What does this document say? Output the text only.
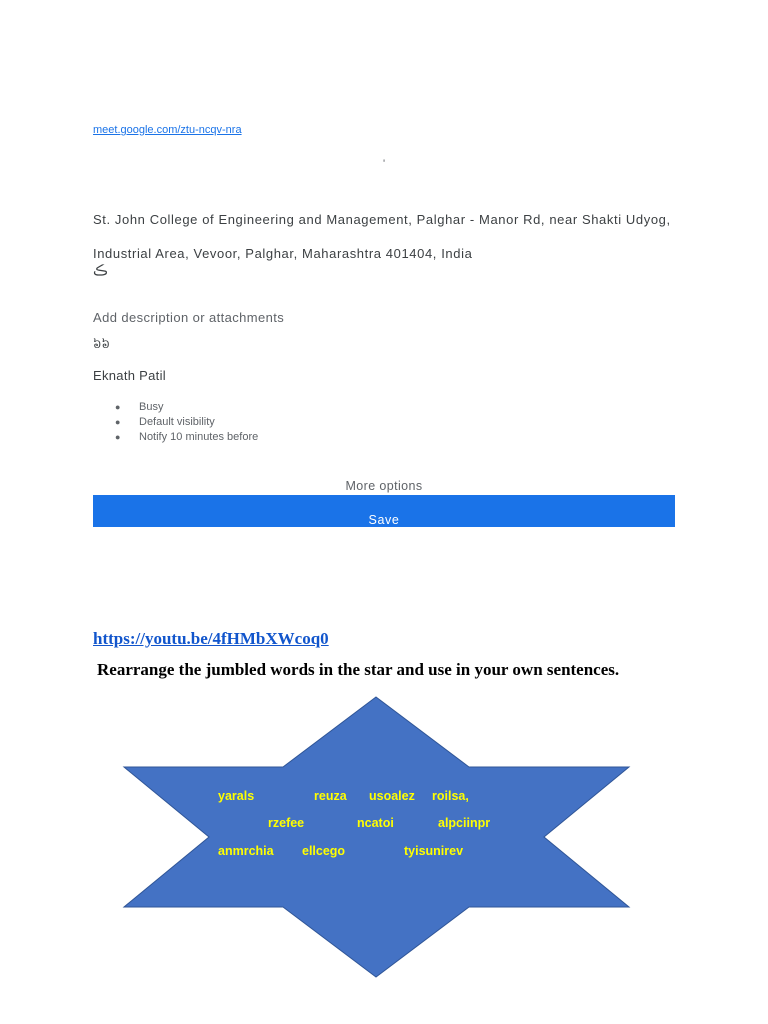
meet.google.com/ztu-ncqv-nra
'
St. John College of Engineering and Management, Palghar - Manor Rd, near Shakti Udyog,
Industrial Area, Vevoor, Palghar, Maharashtra 401404, India
ڪ
Add description or attachments
៦៦
Eknath Patil
● Busy
● Default visibility
● Notify 10 minutes before
More options
Save
https://youtu.be/4fHMbXWcoq0
Rearrange the jumbled words in the star and use in your own sentences.
yarals	reuza usoalez roilsa,
rzefee	ncatoi	alpciinpr
anmrchia ellcego	tyisunirev
